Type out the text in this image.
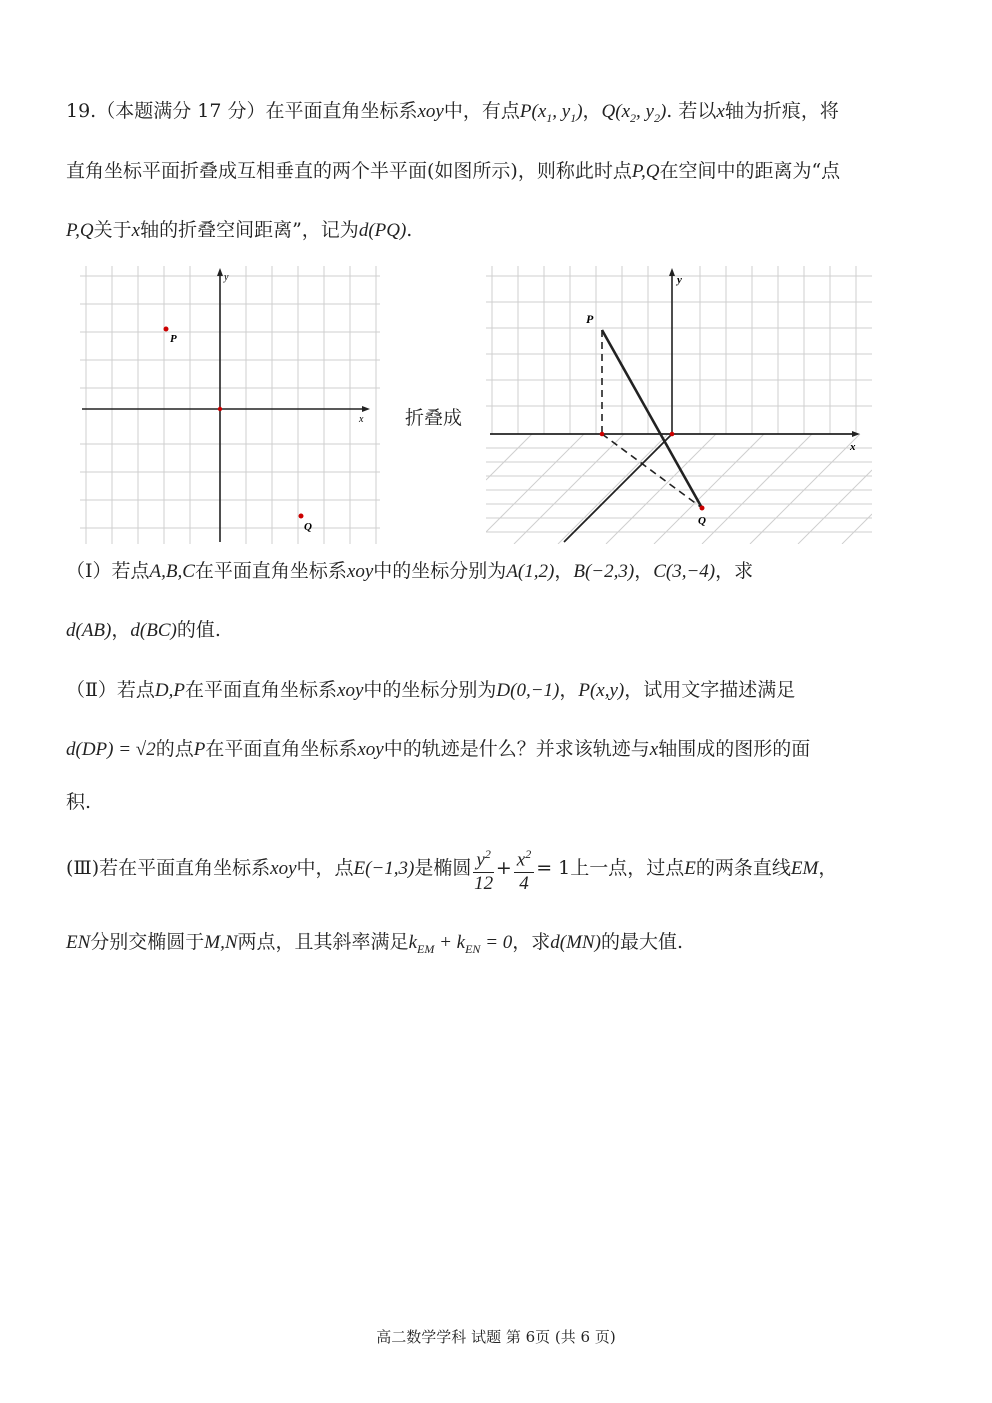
19.（本题满分 17 分）在平面直角坐标系xoy中，有点$P(x_1$, $y_1$)，$Q(x_2$, $y_2$). 若以x轴为折痕，将
直角坐标平面折叠成互相垂直的两个半平面(如图所示)，则称此时点P,Q在空间中的距离为“点
P,Q关于x轴的折叠空间距离”，记为d(PQ).
x
y
P
Q
折叠成
x
y
P
Q
（Ⅰ）若点A,B,C在平面直角坐标系xoy中的坐标分别为A(1,2)，B(−2,3)，C(3,−4)，求
d(AB)，d(BC)的值.
（Ⅱ）若点D,P在平面直角坐标系xoy中的坐标分别为D(0,−1)，P(x,y)，试用文字描述满足
d(DP) = √2的点P在平面直角坐标系xoy中的轨迹是什么？并求该轨迹与x轴围成的图形的面
积.
(Ⅲ)若在平面直角坐标系xoy中，点E(−1,3)是椭圆 $\frac{y^2}{12} + \frac{x^2}{4} = 1$上一点，过点E的两条直线EM，
EN分别交椭圆于M,N两点，且其斜率满足$k_{EM} + k_{EN} = 0$，求d(MN)的最大值.
高二数学学科 试题 第 6页 (共 6 页)
